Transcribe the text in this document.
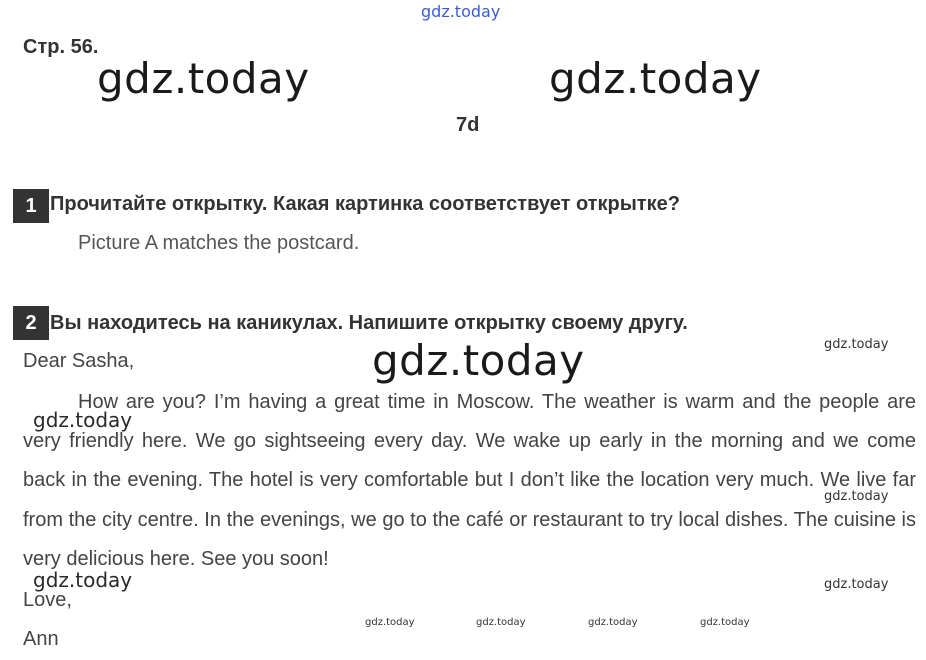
gdz.today
Стр. 56.
gdz.today	gdz.today
7d
1 Прочитайте открытку. Какая картинка соответствует открытке?
Picture A matches the postcard.
2 Вы находитесь на каникулах. Напишите открытку своему другу.
gdz.today
Dear Sasha,	gdz.today
How are you? I’m having a great time in Moscow. The weather is warm and the people are very friendly here. We go sightseeing every day. We wake up early in the morning and we come back in the evening. The hotel is very comfortable but I don’t like the location very much. We live far from the city centre. In the evenings, we go to the café or restaurant to try local dishes. The cuisine is very delicious here. See you soon!
gdz.today
gdz.today
gdz.today	gdz.today
Love,
gdz.today	gdz.today	gdz.today	gdz.today
Ann
